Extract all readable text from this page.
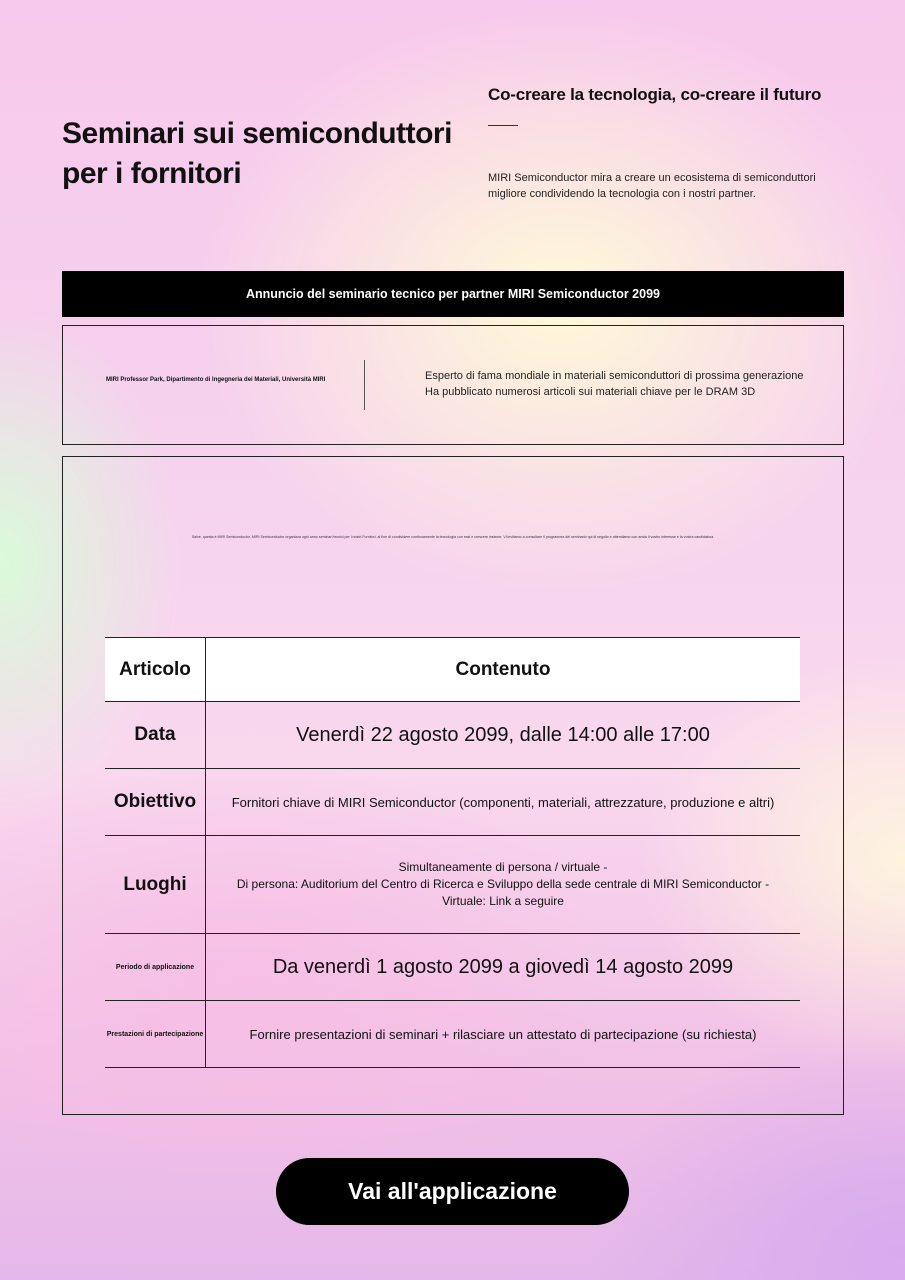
Seminari sui semiconduttori per i fornitori
Co-creare la tecnologia, co-creare il futuro
MIRI Semiconductor mira a creare un ecosistema di semiconduttori migliore condividendo la tecnologia con i nostri partner.
Annuncio del seminario tecnico per partner MIRI Semiconductor 2099
MIRI Professor Park, Dipartimento di Ingegneria dei Materiali, Università MIRI	Esperto di fama mondiale in materiali semiconduttori di prossima generazione
Ha pubblicato numerosi articoli sui materiali chiave per le DRAM 3D
Salve, questa è MIRI Semiconductor. MIRI Semiconductor organizza ogni anno seminari tecnici per i nostri Fornitori, al fine di condividere continuamente la tecnologia con essi e crescere insieme. Vi invitiamo a consultare il programma del seminario qui di seguito e attendiamo con ansia il vostro interesse e la vostra candidatura.
Articolo	Contenuto
Data	Venerdì 22 agosto 2099, dalle 14:00 alle 17:00
Obiettivo	Fornitori chiave di MIRI Semiconductor (componenti, materiali, attrezzature, produzione e altri)
Luoghi	Simultaneamente di persona / virtuale -
Di persona: Auditorium del Centro di Ricerca e Sviluppo della sede centrale di MIRI Semiconductor -
Virtuale: Link a seguire

Periodo di applicazione	Da venerdì 1 agosto 2099 a giovedì 14 agosto 2099
Prestazioni di partecipazione	Fornire presentazioni di seminari + rilasciare un attestato di partecipazione (su richiesta)
Vai all'applicazione
